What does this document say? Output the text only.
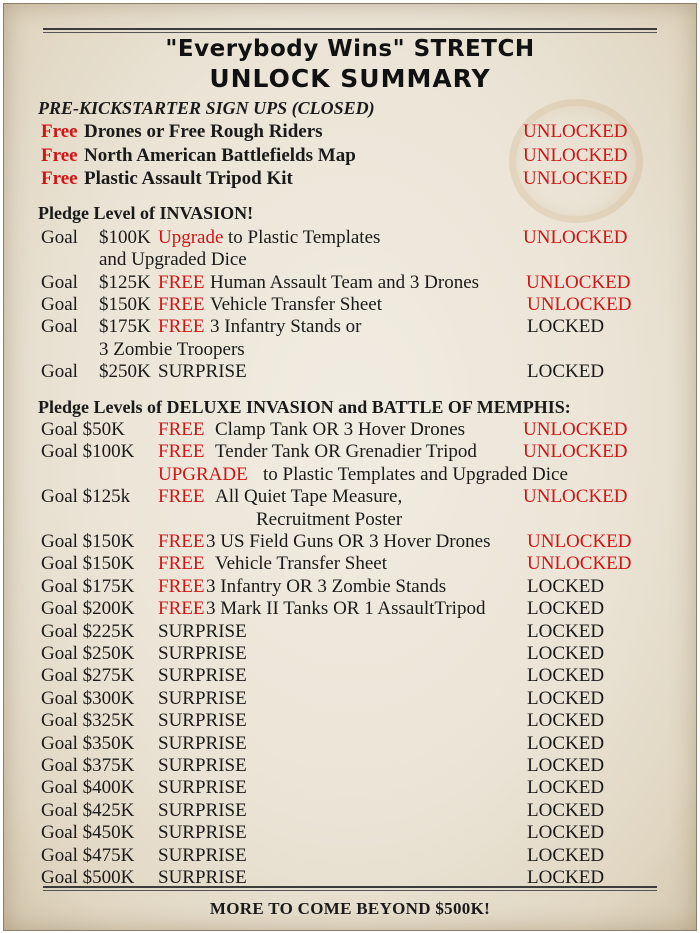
"Everybody Wins" STRETCH
UNLOCK SUMMARY
MORE TO COME BEYOND $500K!
PRE-KICKSTARTER SIGN UPS (CLOSED)
Free Drones or Free Rough Riders	UNLOCKED
Free North American Battlefields Map	UNLOCKED
Free Plastic Assault Tripod Kit	UNLOCKED
Pledge Level of INVASION!
Goal $100K Upgrade to Plastic Templates	UNLOCKED
and Upgraded Dice
Goal $125K FREE Human Assault Team and 3 Drones UNLOCKED
Goal $150K FREE Vehicle Transfer Sheet	UNLOCKED
Goal $175K FREE 3 Infantry Stands or	LOCKED
3 Zombie Troopers
Goal $250K SURPRISE	LOCKED
Pledge Levels of DELUXE INVASION and BATTLE OF MEMPHIS:
Goal $50K FREE Clamp Tank OR 3 Hover Drones	UNLOCKED
Goal $100K FREE Tender Tank OR Grenadier Tripod UNLOCKED
UPGRADE to Plastic Templates and Upgraded Dice
Goal $125k FREE All Quiet Tape Measure,	UNLOCKED
Recruitment Poster
Goal $150K FREE 3 US Field Guns OR 3 Hover Drones UNLOCKED
Goal $150K FREE Vehicle Transfer Sheet	UNLOCKED
Goal $175K FREE 3 Infantry OR 3 Zombie Stands	LOCKED
Goal $200K FREE 3 Mark II Tanks OR 1 AssaultTripod LOCKED
Goal $225K SURPRISE	LOCKED
Goal $250K SURPRISE	LOCKED
Goal $275K SURPRISE	LOCKED
Goal $300K SURPRISE	LOCKED
Goal $325K SURPRISE	LOCKED
Goal $350K SURPRISE	LOCKED
Goal $375K SURPRISE	LOCKED
Goal $400K SURPRISE	LOCKED
Goal $425K SURPRISE	LOCKED
Goal $450K SURPRISE	LOCKED
Goal $475K SURPRISE	LOCKED
Goal $500K SURPRISE	LOCKED
